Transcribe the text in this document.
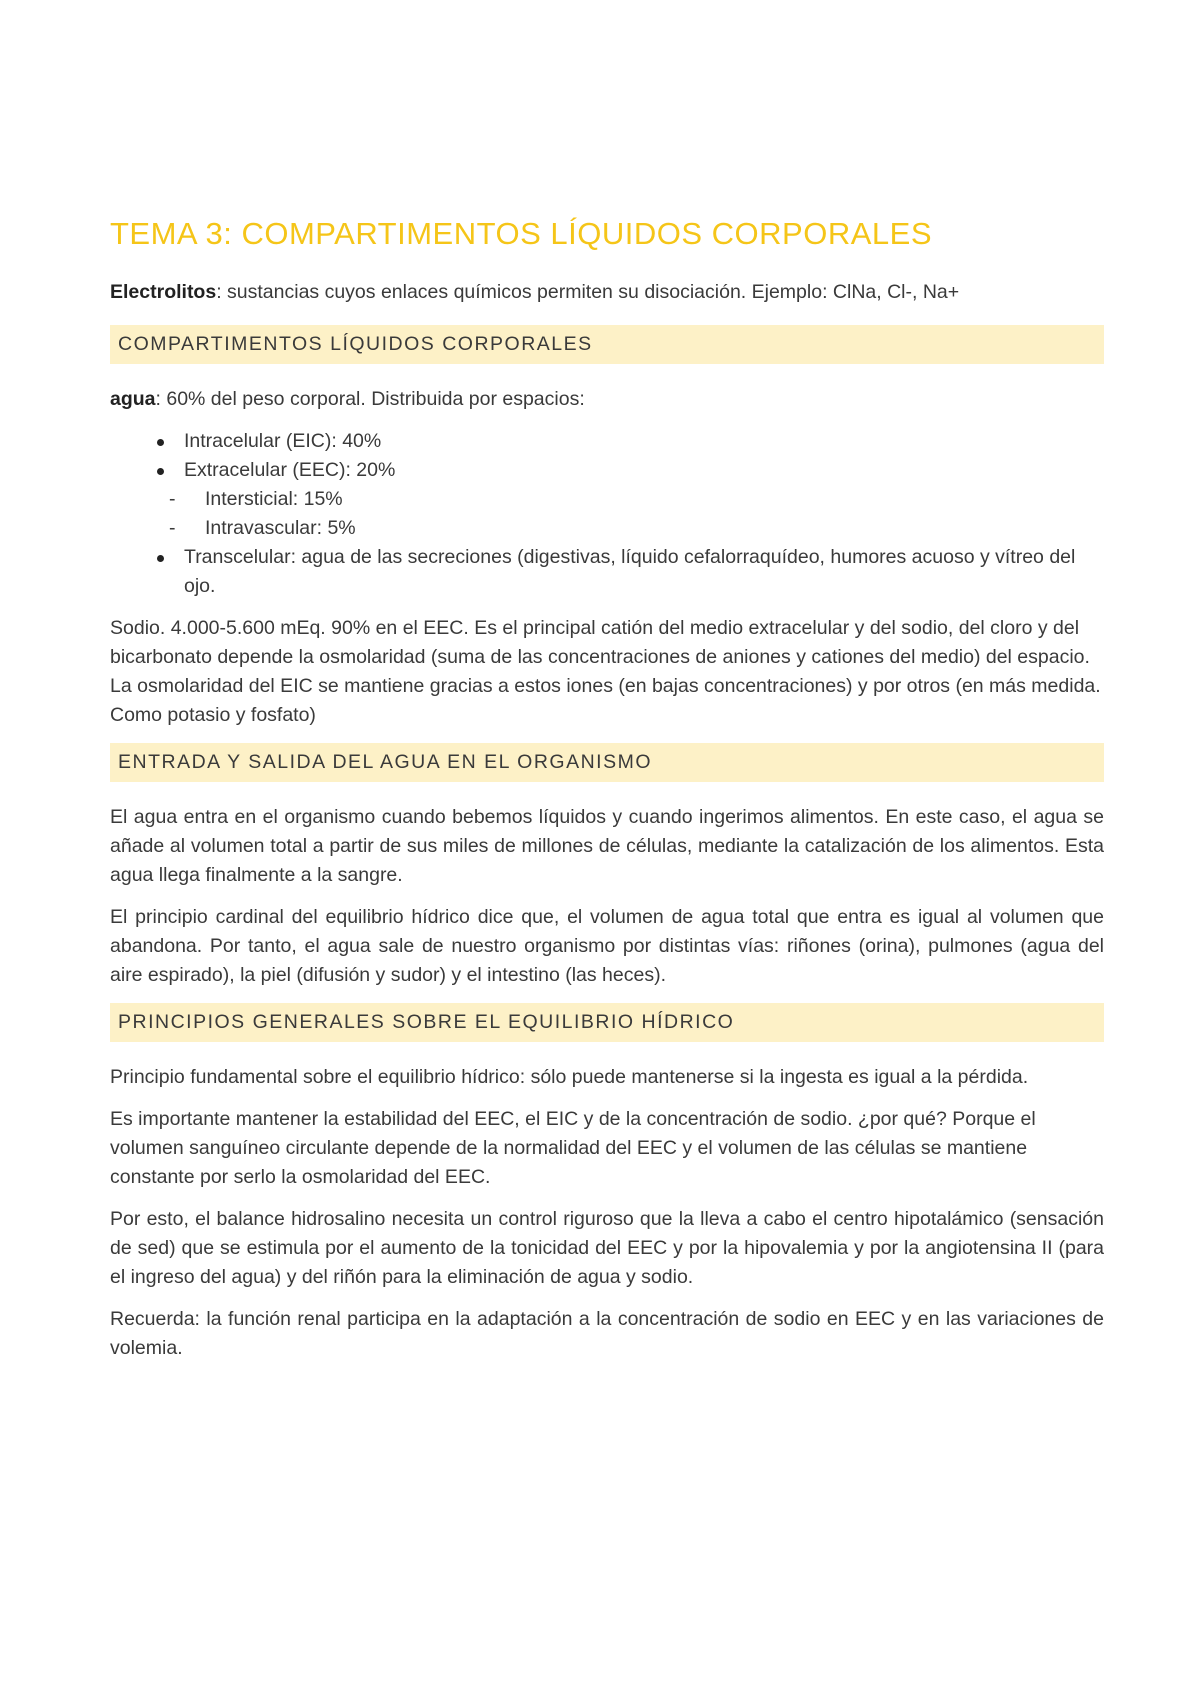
TEMA 3: COMPARTIMENTOS LÍQUIDOS CORPORALES

Electrolitos: sustancias cuyos enlaces químicos permiten su disociación. Ejemplo: ClNa, Cl-, Na+

COMPARTIMENTOS LÍQUIDOS CORPORALES

agua: 60% del peso corporal. Distribuida por espacios:

Intracelular (EIC): 40%
Extracelular (EEC): 20%
- Intersticial: 15%
- Intravascular: 5%
Transcelular: agua de las secreciones (digestivas, líquido cefalorraquídeo, humores acuoso y vítreo del ojo.

Sodio. 4.000-5.600 mEq. 90% en el EEC. Es el principal catión del medio extracelular y del sodio, del cloro y del bicarbonato depende la osmolaridad (suma de las concentraciones de aniones y cationes del medio) del espacio. La osmolaridad del EIC se mantiene gracias a estos iones (en bajas concentraciones) y por otros (en más medida. Como potasio y fosfato)

ENTRADA Y SALIDA DEL AGUA EN EL ORGANISMO

El agua entra en el organismo cuando bebemos líquidos y cuando ingerimos alimentos. En este caso, el agua se añade al volumen total a partir de sus miles de millones de células, mediante la catalización de los alimentos. Esta agua llega finalmente a la sangre.

El principio cardinal del equilibrio hídrico dice que, el volumen de agua total que entra es igual al volumen que abandona. Por tanto, el agua sale de nuestro organismo por distintas vías: riñones (orina), pulmones (agua del aire espirado), la piel (difusión y sudor) y el intestino (las heces).

PRINCIPIOS GENERALES SOBRE EL EQUILIBRIO HÍDRICO

Principio fundamental sobre el equilibrio hídrico: sólo puede mantenerse si la ingesta es igual a la pérdida.

Es importante mantener la estabilidad del EEC, el EIC y de la concentración de sodio. ¿por qué? Porque el volumen sanguíneo circulante depende de la normalidad del EEC y el volumen de las células se mantiene constante por serlo la osmolaridad del EEC.

Por esto, el balance hidrosalino necesita un control riguroso que la lleva a cabo el centro hipotalámico (sensación de sed) que se estimula por el aumento de la tonicidad del EEC y por la hipovalemia y por la angiotensina II (para el ingreso del agua) y del riñón para la eliminación de agua y sodio.

Recuerda: la función renal participa en la adaptación a la concentración de sodio en EEC y en las variaciones de volemia.
